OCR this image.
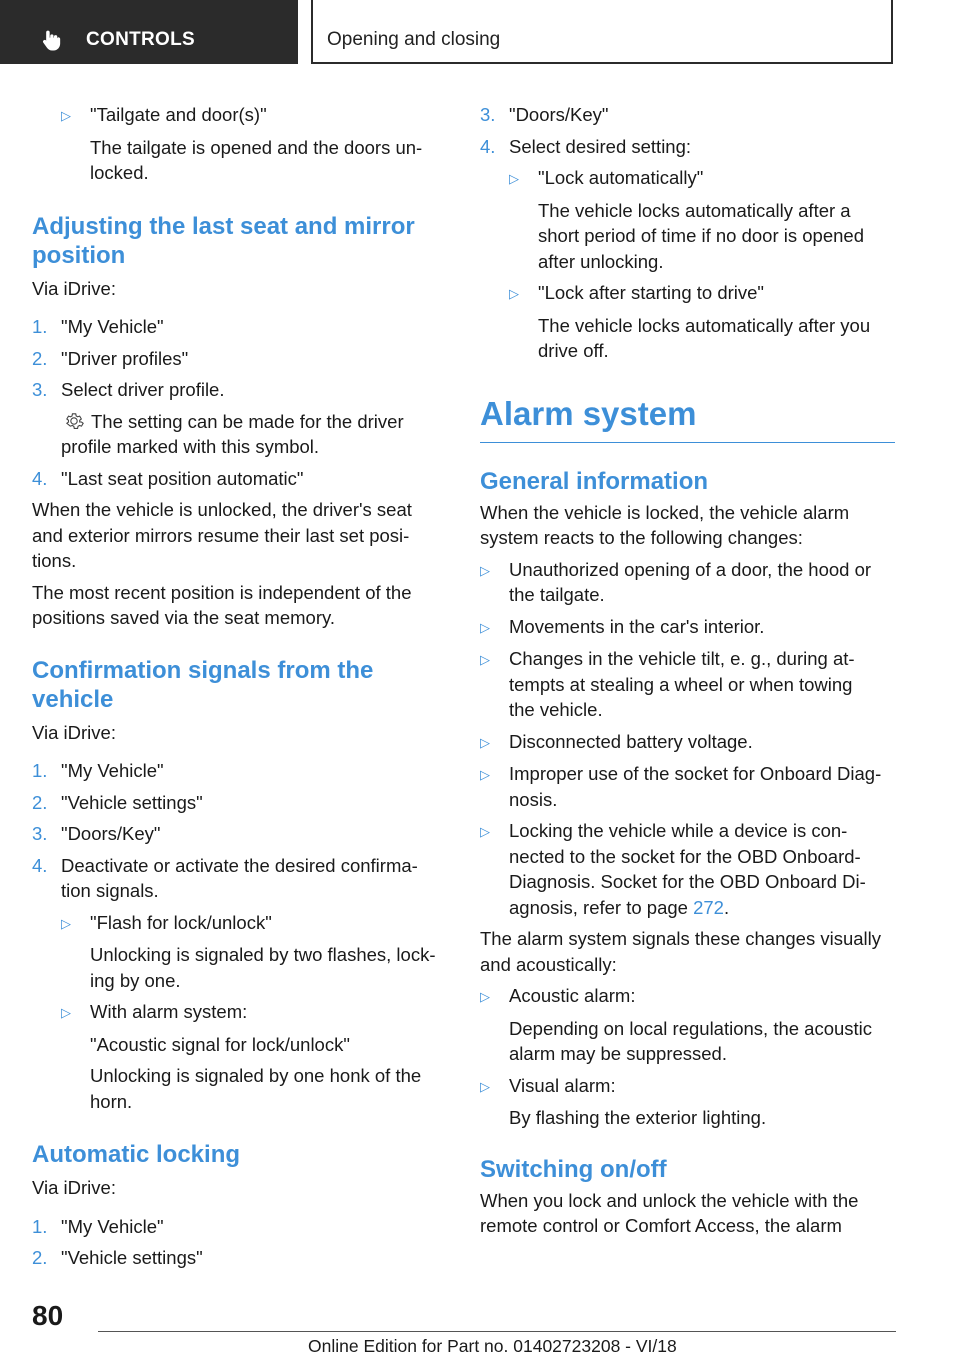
CONTROLS	Opening and closing
▷	"Tailgate and door(s)"

The tailgate is opened and the doors un-

locked.

Adjusting the last seat and mirror

position

Via iDrive:

1. "My Vehicle"
2. "Driver profiles"
3. Select driver profile.

The setting can be made for the driver

profile marked with this symbol.

4. "Last seat position automatic"

When the vehicle is unlocked, the driver's seat

and exterior mirrors resume their last set posi-

tions.

The most recent position is independent of the

positions saved via the seat memory.

Confirmation signals from the

vehicle

Via iDrive:

1. "My Vehicle"
2. "Vehicle settings"
3. "Doors/Key"
4. Deactivate or activate the desired confirma-
tion signals.
▷	"Flash for lock/unlock"

Unlocking is signaled by two flashes, lock-

ing by one.

▷	With alarm system:

"Acoustic signal for lock/unlock"

Unlocking is signaled by one honk of the

horn.

Automatic locking

Via iDrive:

1. "My Vehicle"
2. "Vehicle settings"
3. "Doors/Key"
4. Select desired setting:
▷	"Lock automatically"

The vehicle locks automatically after a

short period of time if no door is opened

after unlocking.

▷	"Lock after starting to drive"

The vehicle locks automatically after you

drive off.

Alarm system

General information

When the vehicle is locked, the vehicle alarm

system reacts to the following changes:

▷	Unauthorized opening of a door, the hood or
the tailgate.
▷	Movements in the car's interior.
▷	Changes in the vehicle tilt, e. g., during at-
tempts at stealing a wheel or when towing
the vehicle.
▷	Disconnected battery voltage.
▷	Improper use of the socket for Onboard Diag-
nosis.
▷	Locking the vehicle while a device is con-
nected to the socket for the OBD Onboard-
Diagnosis. Socket for the OBD Onboard Di-
agnosis, refer to page 272.

The alarm system signals these changes visually

and acoustically:

▷	Acoustic alarm:

Depending on local regulations, the acoustic

alarm may be suppressed.

▷	Visual alarm:

By flashing the exterior lighting.

Switching on/off

When you lock and unlock the vehicle with the

remote control or Comfort Access, the alarm

80
Online Edition for Part no. 01402723208 - VI/18
